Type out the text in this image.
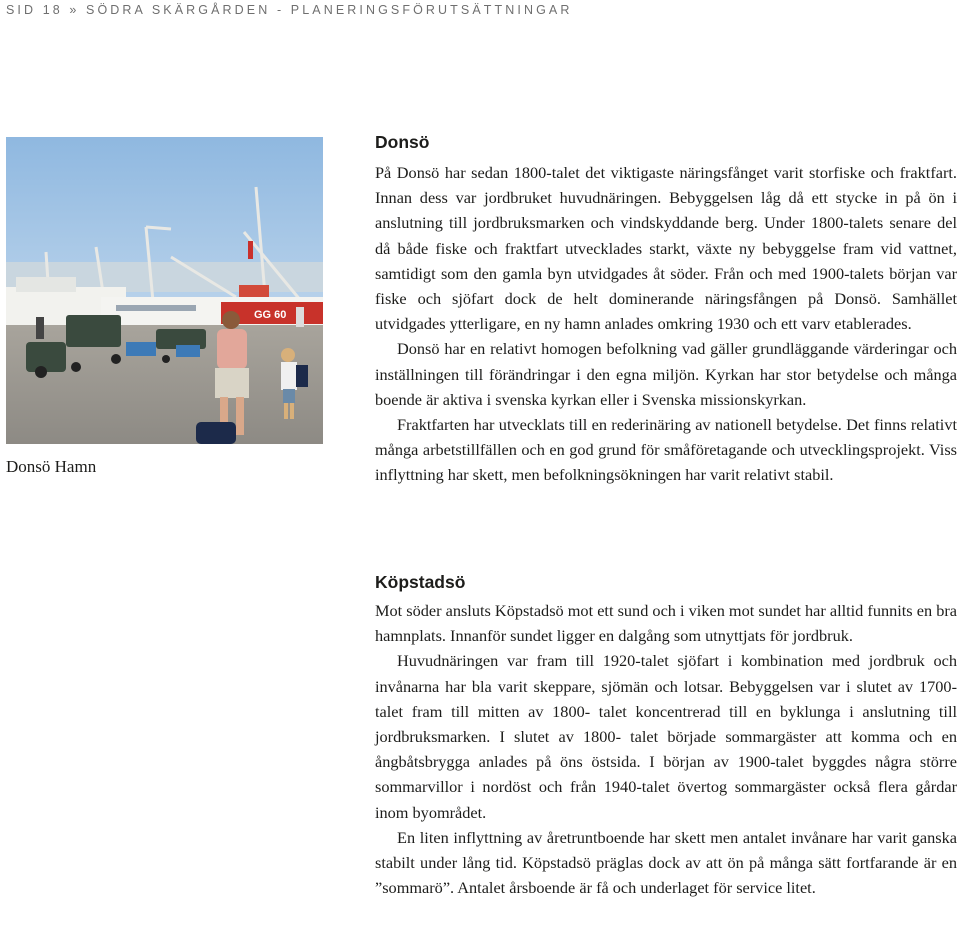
SID 18 » SÖDRA SKÄRGÅRDEN - PLANERINGSFÖRUTSÄTTNINGAR
GG 60
Donsö Hamn
Donsö

På Donsö har sedan 1800-talet det viktigaste näringsfånget varit storfiske och fraktfart. Innan dess var jordbruket huvudnäringen. Bebyggelsen låg då ett stycke in på ön i anslutning till jordbruksmarken och vindskyddande berg. Under 1800-talets senare del då både fiske och fraktfart utvecklades starkt, växte ny bebyggelse fram vid vattnet, samtidigt som den gamla byn utvidgades åt söder. Från och med 1900-talets början var fiske och sjöfart dock de helt dominerande näringsfången på Donsö. Samhället utvidgades ytterligare, en ny hamn anlades omkring 1930 och ett varv etablerades.

Donsö har en relativt homogen befolkning vad gäller grundläggande värderingar och inställningen till förändringar i den egna miljön. Kyrkan har stor betydelse och många boende är aktiva i svenska kyrkan eller i Svenska missionskyrkan.

Fraktfarten har utvecklats till en rederinäring av nationell betydelse. Det finns relativt många arbetstillfällen och en god grund för småföretagande och utvecklingsprojekt. Viss inflyttning har skett, men befolkningsökningen har varit relativt stabil.

Köpstadsö

Mot söder ansluts Köpstadsö mot ett sund och i viken mot sundet har alltid funnits en bra hamnplats. Innanför sundet ligger en dalgång som utnyttjats för jordbruk.

Huvudnäringen var fram till 1920-talet sjöfart i kombination med jordbruk och invånarna har bla varit skeppare, sjömän och lotsar. Bebyggelsen var i slutet av 1700-talet fram till mitten av 1800- talet koncentrerad till en byklunga i anslutning till jordbruksmarken. I slutet av 1800- talet började sommargäster att komma och en ångbåtsbrygga anlades på öns östsida. I början av 1900-talet byggdes några större sommarvillor i nordöst och från 1940-talet övertog sommargäster också flera gårdar inom byområdet.

En liten inflyttning av åretruntboende har skett men antalet invånare har varit ganska stabilt under lång tid. Köpstadsö präglas dock av att ön på många sätt fortfarande är en ”sommarö”. Antalet årsboende är få och underlaget för service litet.
